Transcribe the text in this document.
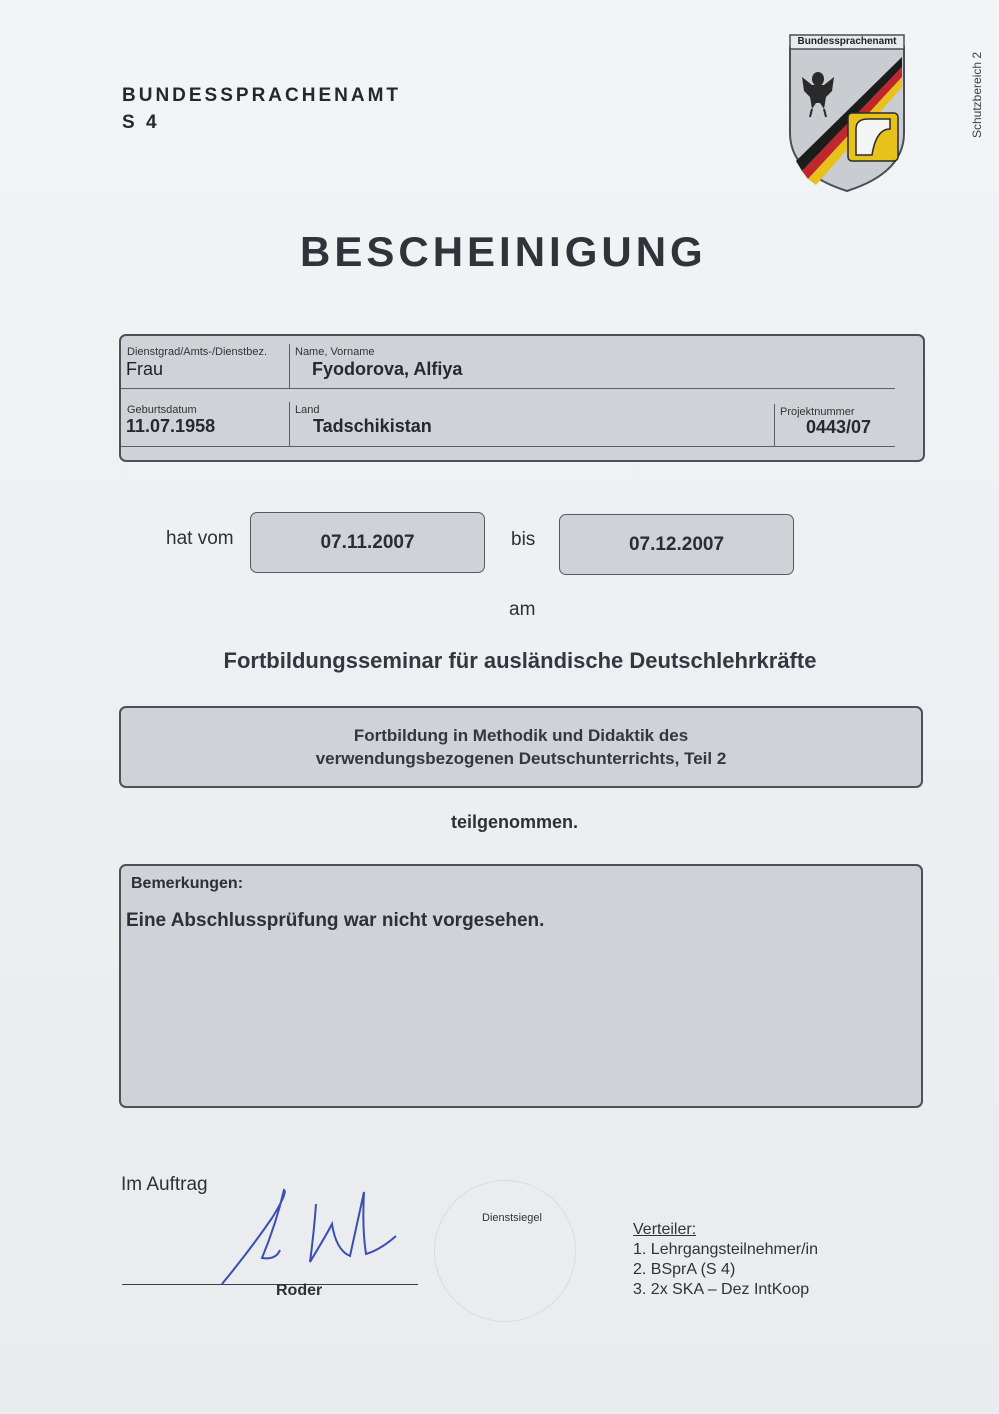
BUNDESSPRACHENAMT
S 4	Schutzbereich 2
Bundessprachenamt
BESCHEINIGUNG
Dienstgrad/Amts-/Dienstbez.
Frau
Name, Vorname
Fyodorova, Alfiya
Geburtsdatum
11.07.1958
Land
Tadschikistan
Projektnummer
0443/07
hat vom	07.11.2007	bis	07.12.2007
am
Fortbildungsseminar für ausländische Deutschlehrkräfte
Fortbildung in Methodik und Didaktik des
verwendungsbezogenen Deutschunterrichts, Teil 2
teilgenommen.
Bemerkungen:
Eine Abschlussprüfung war nicht vorgesehen.
Im Auftrag
Roder
Dienstsiegel
Verteiler:
1. Lehrgangsteilnehmer/in
2. BSprA (S 4)
3. 2x SKA – Dez IntKoop
